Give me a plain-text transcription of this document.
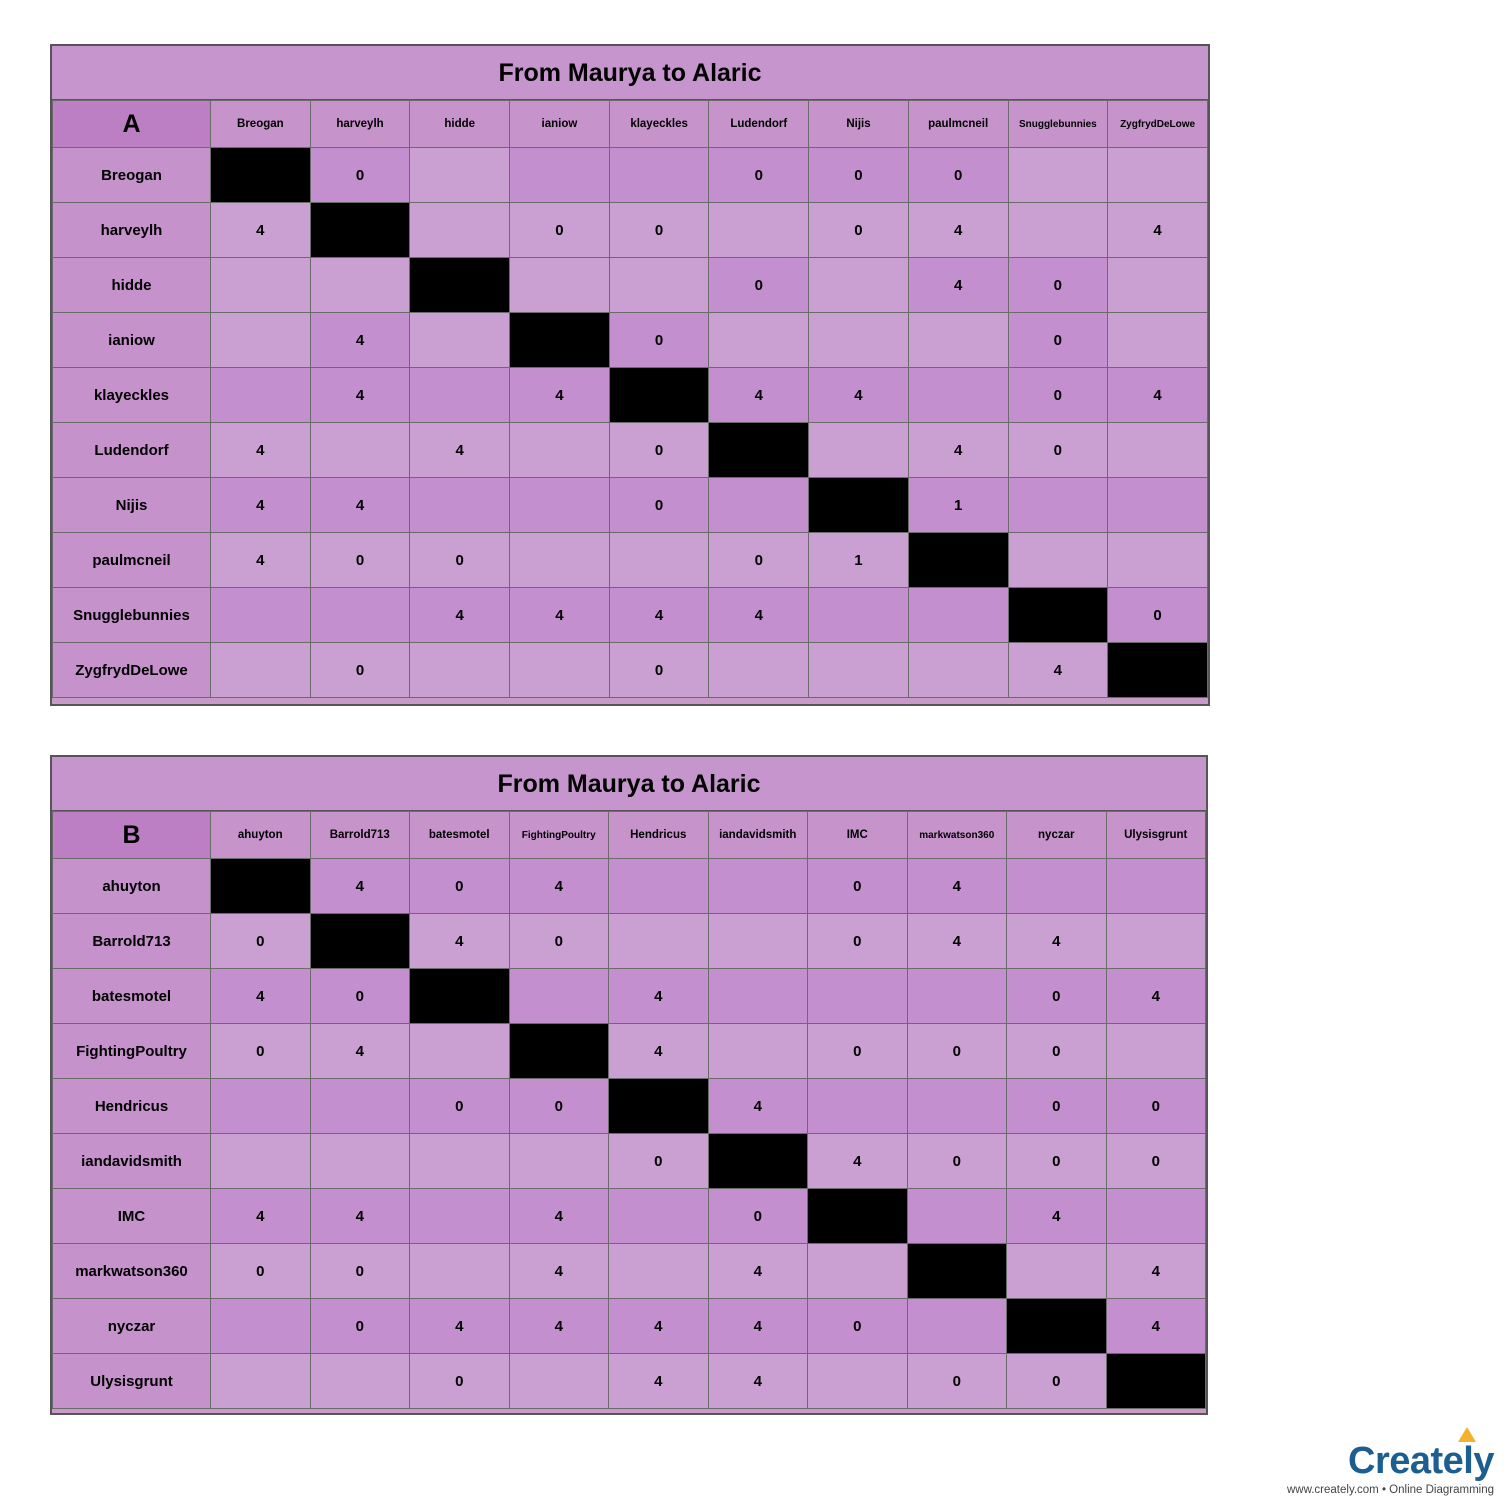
From Maurya to Alaric
A	Breogan	harveylh	hidde	ianiow	klayeckles	Ludendorf	Nijis	paulmcneil	Snugglebunnies	ZygfrydDeLowe
Breogan		0				0	0	0		
harveylh	4			0	0		0	4		4
hidde						0		4	0	
ianiow		4			0				0	
klayeckles		4		4		4	4		0	4
Ludendorf	4		4		0			4	0	
Nijis	4	4			0			1		
paulmcneil	4	0	0			0	1			
Snugglebunnies			4	4	4	4				0
ZygfrydDeLowe		0			0				4	
From Maurya to Alaric
B	ahuyton	Barrold713	batesmotel	FightingPoultry	Hendricus	iandavidsmith	IMC	markwatson360	nyczar	Ulysisgrunt
ahuyton		4	0	4			0	4		
Barrold713	0		4	0			0	4	4	
batesmotel	4	0			4				0	4
FightingPoultry	0	4			4		0	0	0	
Hendricus			0	0		4			0	0
iandavidsmith					0		4	0	0	0
IMC	4	4		4		0			4	
markwatson360	0	0		4		4				4
nyczar		0	4	4	4	4	0			4
Ulysisgrunt			0		4	4		0	0	
Creately
www.creately.com • Online Diagramming
